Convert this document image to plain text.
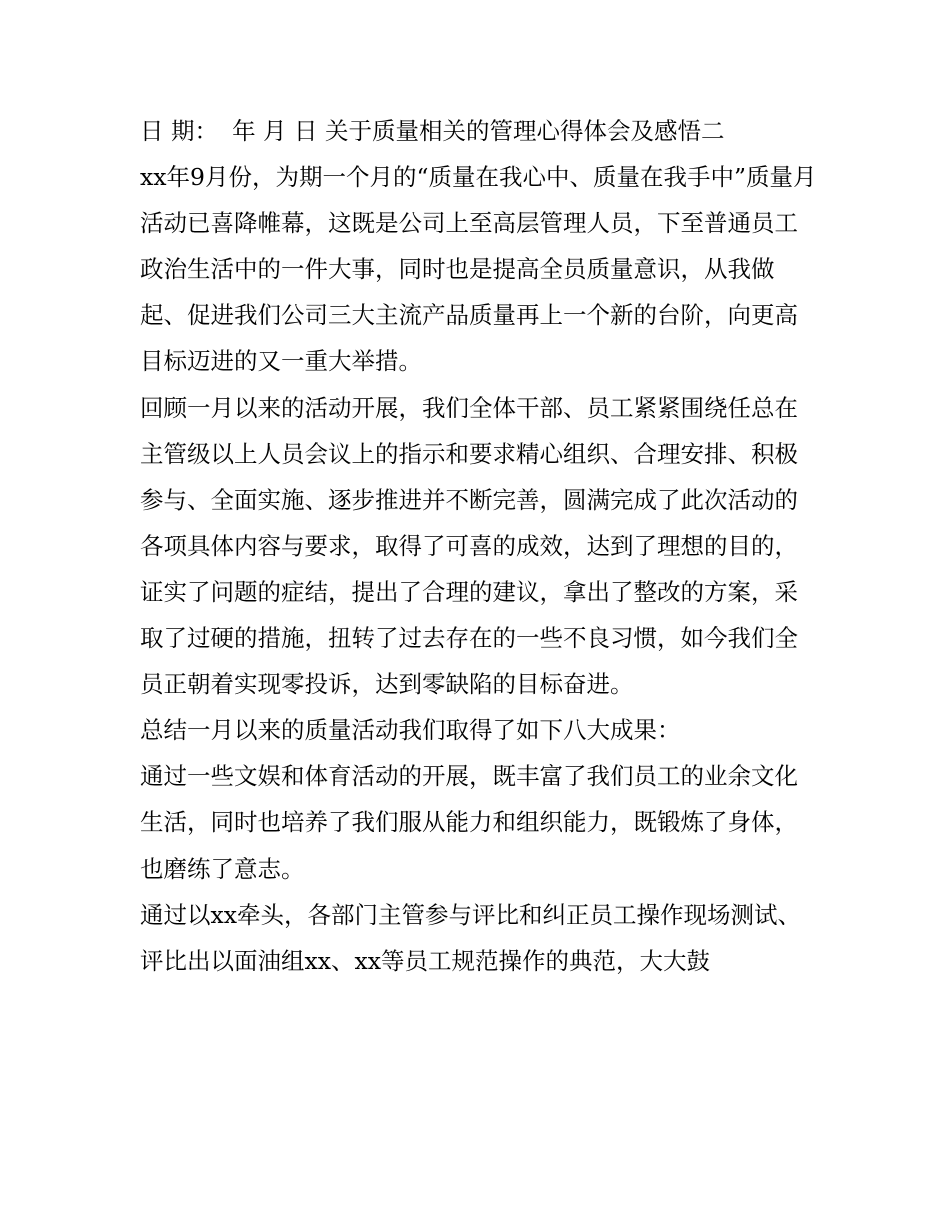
日 期： 年 月 日 关于质量相关的管理心得体会及感悟二

xx年9月份，为期一个月的“质量在我心中、质量在我手中”质量月活动已喜降帷幕，这既是公司上至高层管理人员，下至普通员工政治生活中的一件大事，同时也是提高全员质量意识，从我做起、促进我们公司三大主流产品质量再上一个新的台阶，向更高目标迈进的又一重大举措。

回顾一月以来的活动开展，我们全体干部、员工紧紧围绕任总在主管级以上人员会议上的指示和要求精心组织、合理安排、积极参与、全面实施、逐步推进并不断完善，圆满完成了此次活动的各项具体内容与要求，取得了可喜的成效，达到了理想的目的，证实了问题的症结，提出了合理的建议，拿出了整改的方案，采取了过硬的措施，扭转了过去存在的一些不良习惯，如今我们全员正朝着实现零投诉，达到零缺陷的目标奋进。

总结一月以来的质量活动我们取得了如下八大成果：

通过一些文娱和体育活动的开展，既丰富了我们员工的业余文化生活，同时也培养了我们服从能力和组织能力，既锻炼了身体，也磨练了意志。

通过以xx牵头，各部门主管参与评比和纠正员工操作现场测试、评比出以面油组xx、xx等员工规范操作的典范，大大鼓
